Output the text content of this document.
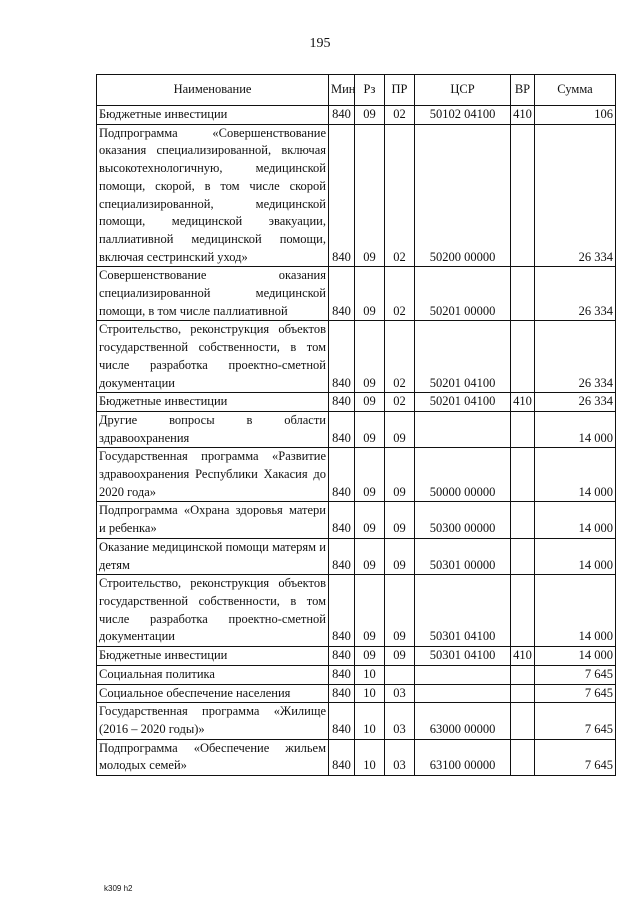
195
Наименование	Мин	Рз	ПР	ЦСР	ВР	Сумма
Бюджетные инвестиции	840	09	02	50102 04100	410	106
Подпрограмма «Совершенствование оказания специализированной, включая высокотехнологичную, медицинской помощи, скорой, в том числе скорой специализированной, медицинской помощи, медицинской эвакуации, паллиативной медицинской помощи, включая сестринский уход»	840	09	02	50200 00000		26 334
Совершенствование оказания специализированной медицинской помощи, в том числе паллиативной	840	09	02	50201 00000		26 334
Строительство, реконструкция объектов государственной собственности, в том числе разработка проектно-сметной документации	840	09	02	50201 04100		26 334
Бюджетные инвестиции	840	09	02	50201 04100	410	26 334
Другие вопросы в области здравоохранения	840	09	09			14 000
Государственная программа «Развитие здравоохранения Республики Хакасия до 2020 года»	840	09	09	50000 00000		14 000
Подпрограмма «Охрана здоровья матери и ребенка»	840	09	09	50300 00000		14 000
Оказание медицинской помощи матерям и детям	840	09	09	50301 00000		14 000
Строительство, реконструкция объектов государственной собственности, в том числе разработка проектно-сметной документации	840	09	09	50301 04100		14 000
Бюджетные инвестиции	840	09	09	50301 04100	410	14 000
Социальная политика	840	10				7 645
Социальное обеспечение населения	840	10	03			7 645
Государственная программа «Жилище (2016 – 2020 годы)»	840	10	03	63000 00000		7 645
Подпрограмма «Обеспечение жильем молодых семей»	840	10	03	63100 00000		7 645
k309 h2
